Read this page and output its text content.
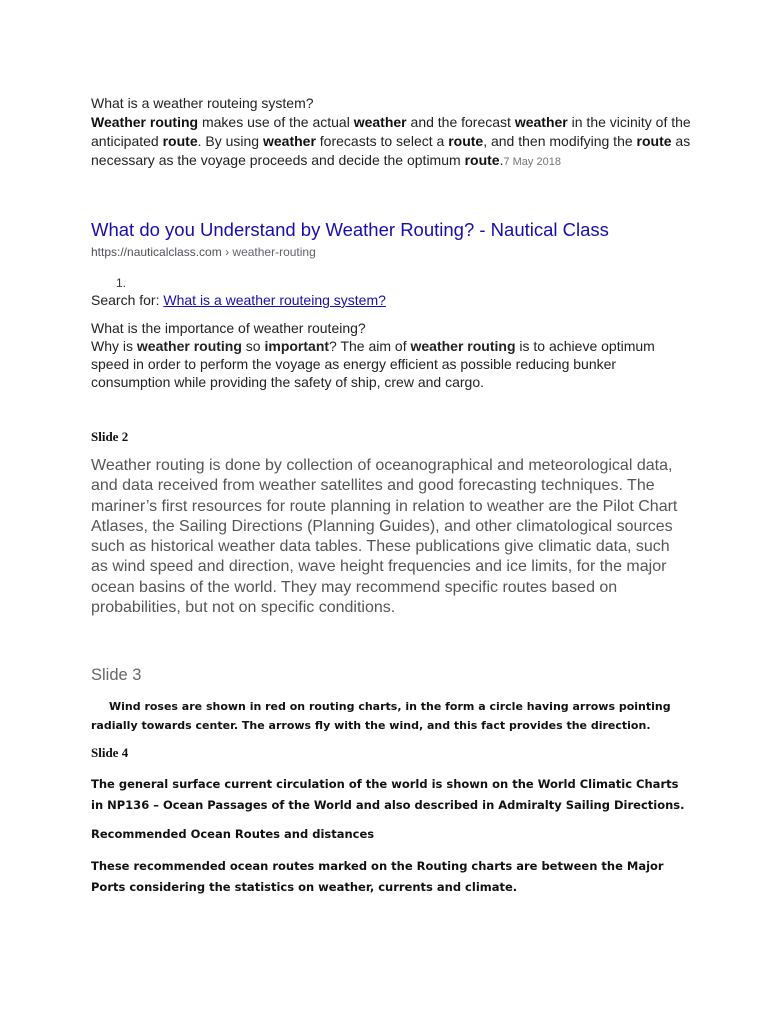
What is a weather routeing system?
Weather routing makes use of the actual weather and the forecast weather in the vicinity of the anticipated route. By using weather forecasts to select a route, and then modifying the route as necessary as the voyage proceeds and decide the optimum route.7 May 2018
What do you Understand by Weather Routing? - Nautical Class
https://nauticalclass.com › weather-routing
1.
Search for: What is a weather routeing system?
What is the importance of weather routeing?
Why is weather routing so important? The aim of weather routing is to achieve optimum speed in order to perform the voyage as energy efficient as possible reducing bunker consumption while providing the safety of ship, crew and cargo.
Slide 2
Weather routing is done by collection of oceanographical and meteorological data, and data received from weather satellites and good forecasting techniques. The mariner’s first resources for route planning in relation to weather are the Pilot Chart Atlases, the Sailing Directions (Planning Guides), and other climatological sources such as historical weather data tables. These publications give climatic data, such as wind speed and direction, wave height frequencies and ice limits, for the major ocean basins of the world. They may recommend specific routes based on probabilities, but not on specific conditions.
Slide 3
Wind roses are shown in red on routing charts, in the form a circle having arrows pointing radially towards center. The arrows fly with the wind, and this fact provides the direction.
Slide 4
The general surface current circulation of the world is shown on the World Climatic Charts in NP136 – Ocean Passages of the World and also described in Admiralty Sailing Directions.
Recommended Ocean Routes and distances
These recommended ocean routes marked on the Routing charts are between the Major Ports considering the statistics on weather, currents and climate.
